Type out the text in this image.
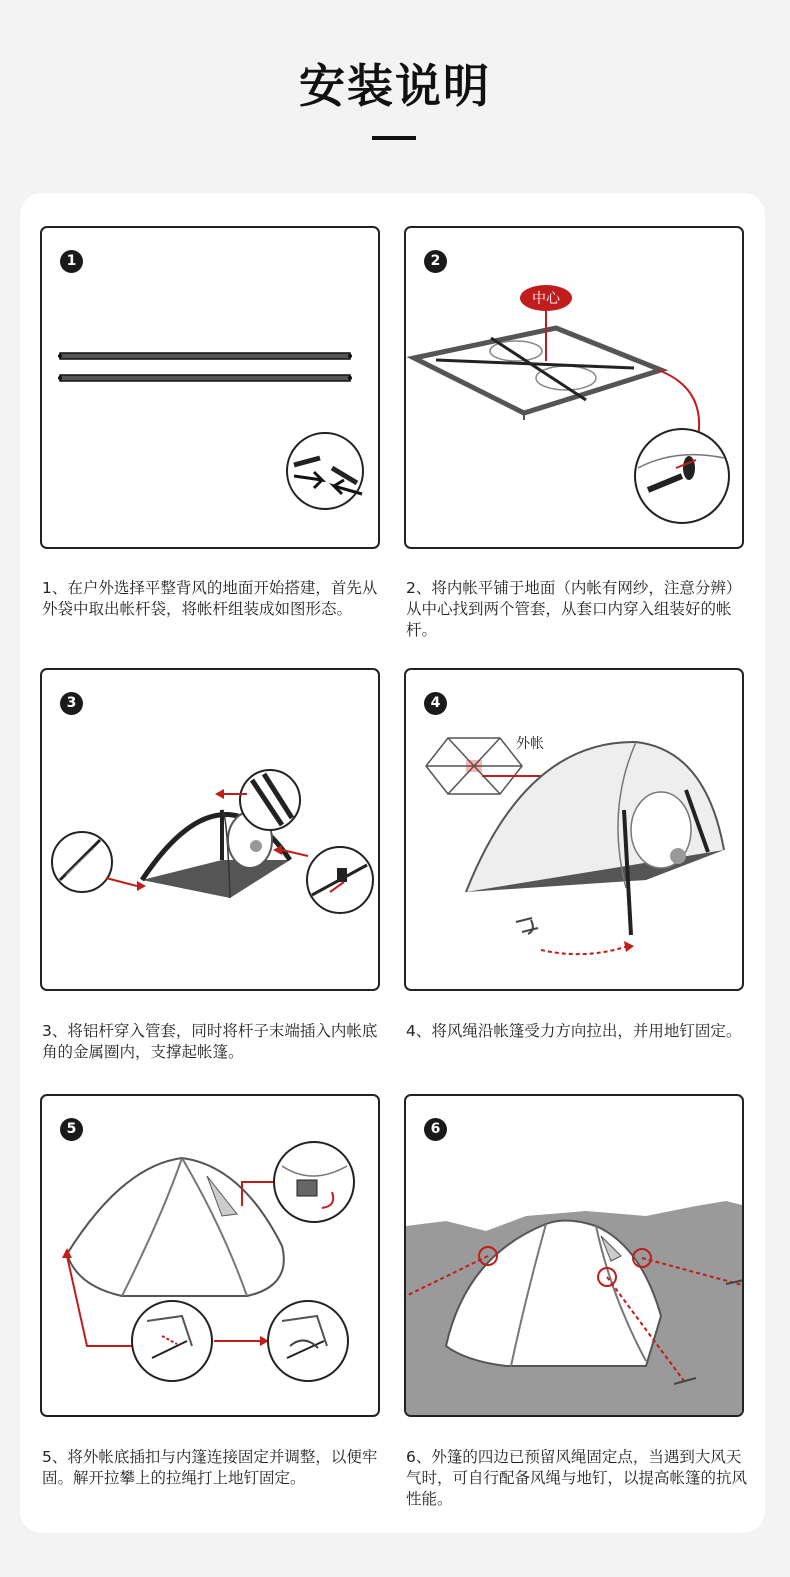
安装说明
1	2
中心
3	4
外帐
5	6
1、在户外选择平整背风的地面开始搭建，首先从外袋中取出帐杆袋，将帐杆组装成如图形态。
2、将内帐平铺于地面（内帐有网纱，注意分辨）从中心找到两个管套，从套口内穿入组装好的帐杆。
3、将铝杆穿入管套，同时将杆子末端插入内帐底角的金属圈内，支撑起帐篷。
4、将风绳沿帐篷受力方向拉出，并用地钉固定。
5、将外帐底插扣与内篷连接固定并调整，以便牢固。解开拉攀上的拉绳打上地钉固定。
6、外篷的四边已预留风绳固定点，当遇到大风天气时，可自行配备风绳与地钉，以提高帐篷的抗风性能。
